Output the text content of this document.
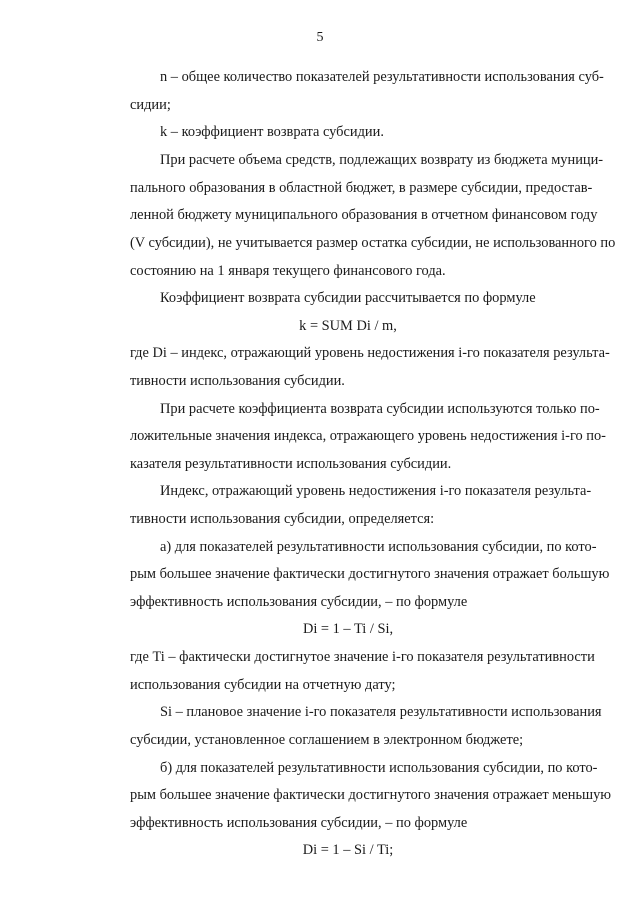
5
n – общее количество показателей результативности использования суб-
сидии;
k – коэффициент возврата субсидии.
При расчете объема средств, подлежащих возврату из бюджета муници-
пального образования в областной бюджет, в размере субсидии, предостав-
ленной бюджету муниципального образования в отчетном финансовом году
(V субсидии), не учитывается размер остатка субсидии, не использованного по
состоянию на 1 января текущего финансового года.
Коэффициент возврата субсидии рассчитывается по формуле
k = SUM Di / m,
где Di – индекс, отражающий уровень недостижения i-го показателя результа-
тивности использования субсидии.
При расчете коэффициента возврата субсидии используются только по-
ложительные значения индекса, отражающего уровень недостижения i-го по-
казателя результативности использования субсидии.
Индекс, отражающий уровень недостижения i-го показателя результа-
тивности использования субсидии, определяется:
а) для показателей результативности использования субсидии, по кото-
рым большее значение фактически достигнутого значения отражает большую
эффективность использования субсидии, – по формуле
Di = 1 – Ti / Si,
где Ti – фактически достигнутое значение i-го показателя результативности
использования субсидии на отчетную дату;
Si – плановое значение i-го показателя результативности использования
субсидии, установленное соглашением в электронном бюджете;
б) для показателей результативности использования субсидии, по кото-
рым большее значение фактически достигнутого значения отражает меньшую
эффективность использования субсидии, – по формуле
Di = 1 – Si / Ti;
